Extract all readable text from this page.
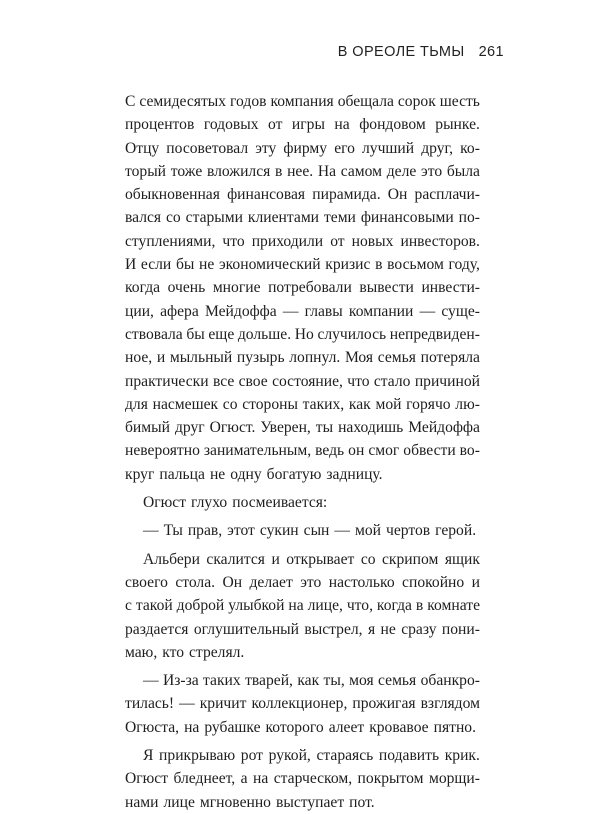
В ОРЕОЛЕ ТЬМЫ 261
С семидесятых годов компания обещала сорок шесть
процентов годовых от игры на фондовом рынке.
Отцу посоветовал эту фирму его лучший друг, ко-
торый тоже вложился в нее. На самом деле это была
обыкновенная финансовая пирамида. Он расплачи-
вался со старыми клиентами теми финансовыми по-
ступлениями, что приходили от новых инвесторов.
И если бы не экономический кризис в восьмом году,
когда очень многие потребовали вывести инвести-
ции, афера Мейдоффа — главы компании — суще-
ствовала бы еще дольше. Но случилось непредвиден-
ное, и мыльный пузырь лопнул. Моя семья потеряла
практически все свое состояние, что стало причиной
для насмешек со стороны таких, как мой горячо лю-
бимый друг Огюст. Уверен, ты находишь Мейдоффа
невероятно занимательным, ведь он смог обвести во-
круг пальца не одну богатую задницу.
Огюст глухо посмеивается:
— Ты прав, этот сукин сын — мой чертов герой.
Альбери скалится и открывает со скрипом ящик
своего стола. Он делает это настолько спокойно и
с такой доброй улыбкой на лице, что, когда в комнате
раздается оглушительный выстрел, я не сразу пони-
маю, кто стрелял.
— Из-за таких тварей, как ты, моя семья обанкро-
тилась! — кричит коллекционер, прожигая взглядом
Огюста, на рубашке которого алеет кровавое пятно.
Я прикрываю рот рукой, стараясь подавить крик.
Огюст бледнеет, а на старческом, покрытом морщи-
нами лице мгновенно выступает пот.
